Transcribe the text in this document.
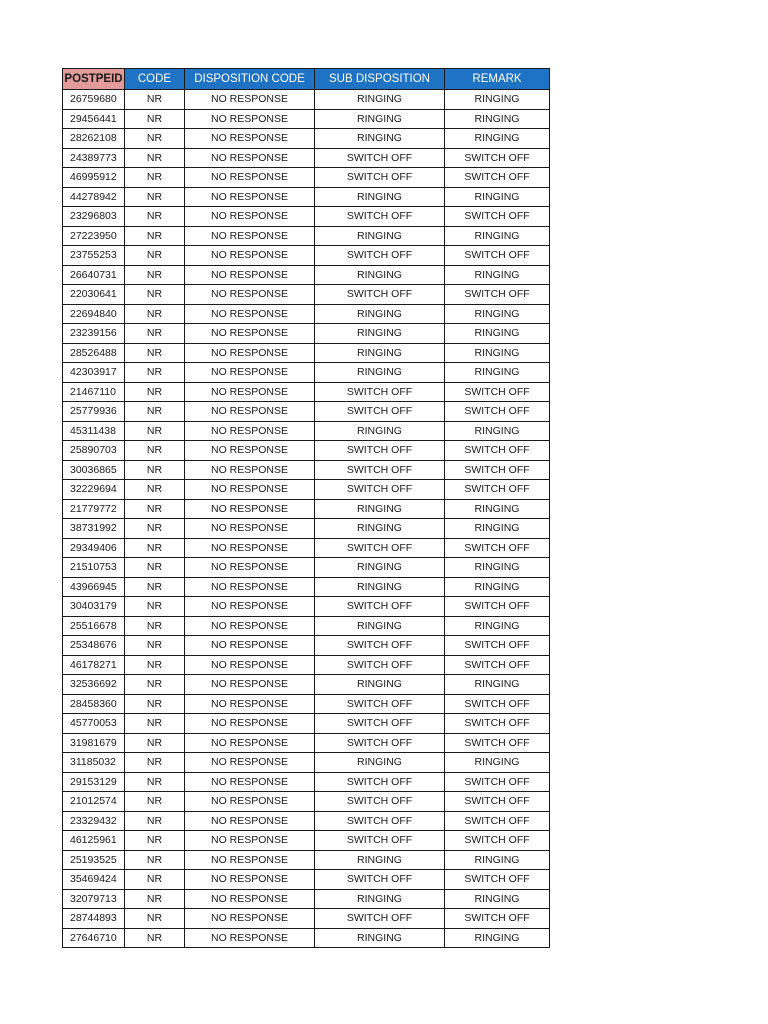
POSTPEID	CODE	DISPOSITION CODE	SUB DISPOSITION	REMARK
26759680	NR	NO RESPONSE	RINGING	RINGING
29456441	NR	NO RESPONSE	RINGING	RINGING
28262108	NR	NO RESPONSE	RINGING	RINGING
24389773	NR	NO RESPONSE	SWITCH OFF	SWITCH OFF
46995912	NR	NO RESPONSE	SWITCH OFF	SWITCH OFF
44278942	NR	NO RESPONSE	RINGING	RINGING
23296803	NR	NO RESPONSE	SWITCH OFF	SWITCH OFF
27223950	NR	NO RESPONSE	RINGING	RINGING
23755253	NR	NO RESPONSE	SWITCH OFF	SWITCH OFF
26640731	NR	NO RESPONSE	RINGING	RINGING
22030641	NR	NO RESPONSE	SWITCH OFF	SWITCH OFF
22694840	NR	NO RESPONSE	RINGING	RINGING
23239156	NR	NO RESPONSE	RINGING	RINGING
28526488	NR	NO RESPONSE	RINGING	RINGING
42303917	NR	NO RESPONSE	RINGING	RINGING
21467110	NR	NO RESPONSE	SWITCH OFF	SWITCH OFF
25779936	NR	NO RESPONSE	SWITCH OFF	SWITCH OFF
45311438	NR	NO RESPONSE	RINGING	RINGING
25890703	NR	NO RESPONSE	SWITCH OFF	SWITCH OFF
30036865	NR	NO RESPONSE	SWITCH OFF	SWITCH OFF
32229694	NR	NO RESPONSE	SWITCH OFF	SWITCH OFF
21779772	NR	NO RESPONSE	RINGING	RINGING
38731992	NR	NO RESPONSE	RINGING	RINGING
29349406	NR	NO RESPONSE	SWITCH OFF	SWITCH OFF
21510753	NR	NO RESPONSE	RINGING	RINGING
43966945	NR	NO RESPONSE	RINGING	RINGING
30403179	NR	NO RESPONSE	SWITCH OFF	SWITCH OFF
25516678	NR	NO RESPONSE	RINGING	RINGING
25348676	NR	NO RESPONSE	SWITCH OFF	SWITCH OFF
46178271	NR	NO RESPONSE	SWITCH OFF	SWITCH OFF
32536692	NR	NO RESPONSE	RINGING	RINGING
28458360	NR	NO RESPONSE	SWITCH OFF	SWITCH OFF
45770053	NR	NO RESPONSE	SWITCH OFF	SWITCH OFF
31981679	NR	NO RESPONSE	SWITCH OFF	SWITCH OFF
31185032	NR	NO RESPONSE	RINGING	RINGING
29153129	NR	NO RESPONSE	SWITCH OFF	SWITCH OFF
21012574	NR	NO RESPONSE	SWITCH OFF	SWITCH OFF
23329432	NR	NO RESPONSE	SWITCH OFF	SWITCH OFF
46125961	NR	NO RESPONSE	SWITCH OFF	SWITCH OFF
25193525	NR	NO RESPONSE	RINGING	RINGING
35469424	NR	NO RESPONSE	SWITCH OFF	SWITCH OFF
32079713	NR	NO RESPONSE	RINGING	RINGING
28744893	NR	NO RESPONSE	SWITCH OFF	SWITCH OFF
27646710	NR	NO RESPONSE	RINGING	RINGING
